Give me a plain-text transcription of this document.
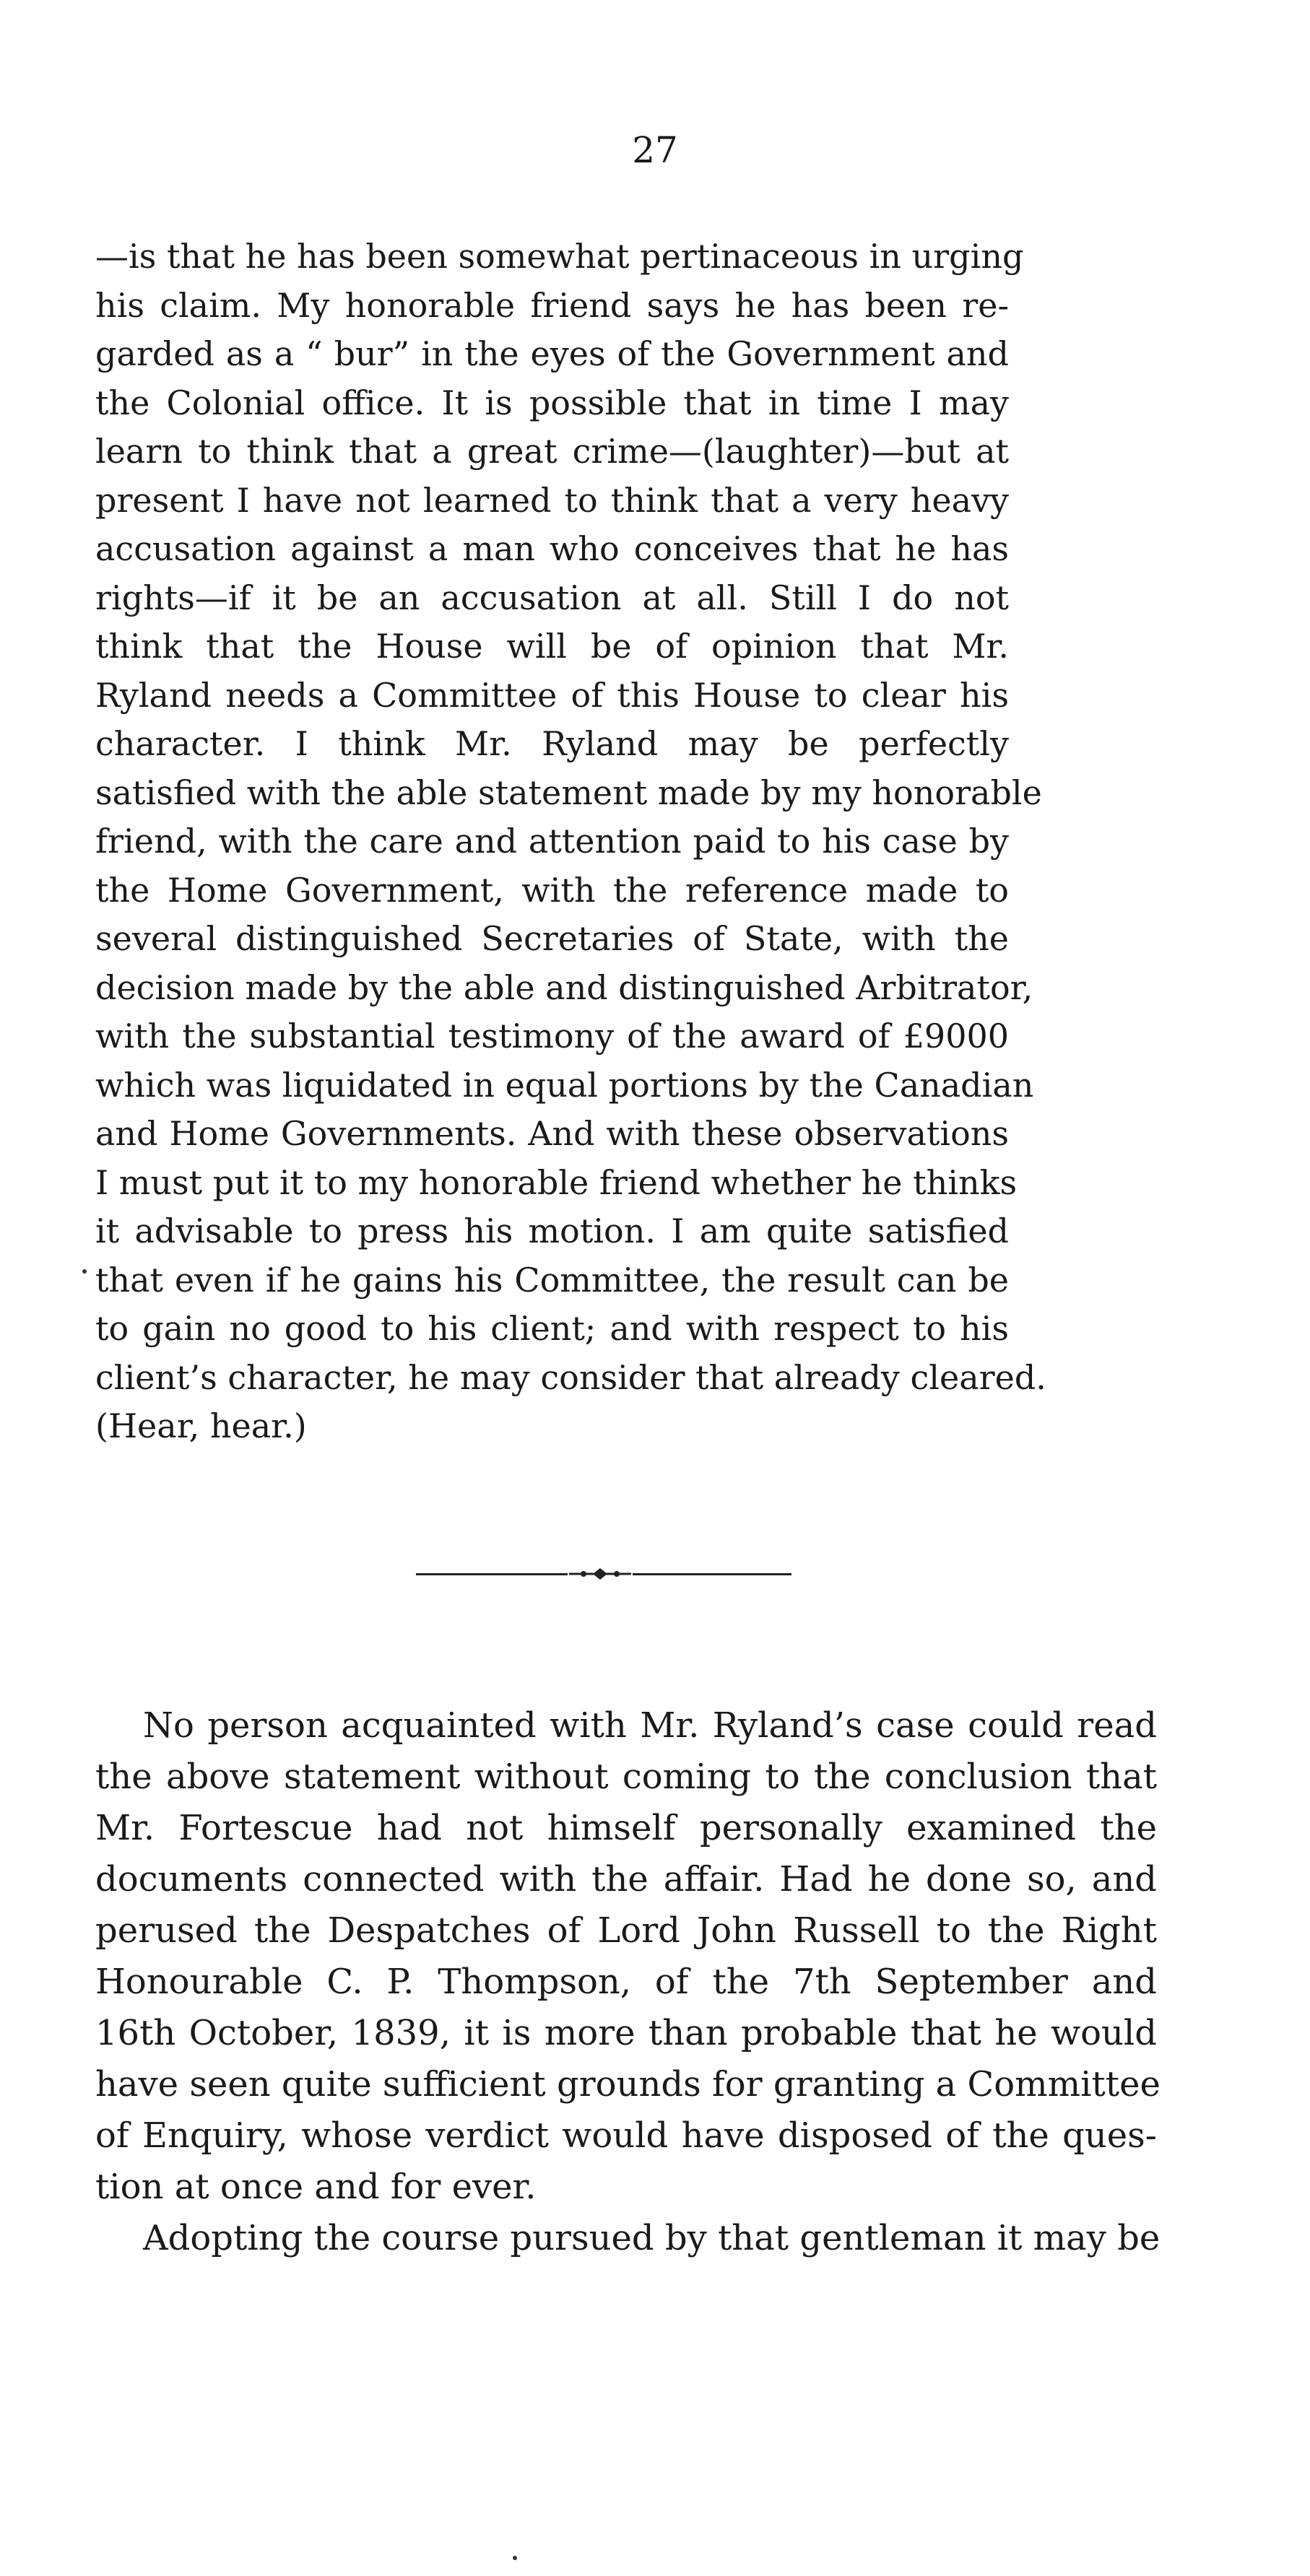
27
—is that he has been somewhat pertinaceous in urging
his claim. My honorable friend says he has been re-
garded as a “ bur” in the eyes of the Government and
the Colonial office. It is possible that in time I may
learn to think that a great crime—(laughter)—but at
present I have not learned to think that a very heavy
accusation against a man who conceives that he has
rights—if it be an accusation at all. Still I do not
think that the House will be of opinion that Mr.
Ryland needs a Committee of this House to clear his
character. I think Mr. Ryland may be perfectly
satisfied with the able statement made by my honorable
friend, with the care and attention paid to his case by
the Home Government, with the reference made to
several distinguished Secretaries of State, with the
decision made by the able and distinguished Arbitrator,
with the substantial testimony of the award of £9000
which was liquidated in equal portions by the Canadian
and Home Governments. And with these observations
I must put it to my honorable friend whether he thinks
it advisable to press his motion. I am quite satisfied
that even if he gains his Committee, the result can be
to gain no good to his client; and with respect to his
client’s character, he may consider that already cleared.
(Hear, hear.)
No person acquainted with Mr. Ryland’s case could read
the above statement without coming to the conclusion that
Mr. Fortescue had not himself personally examined the
documents connected with the affair. Had he done so, and
perused the Despatches of Lord John Russell to the Right
Honourable C. P. Thompson, of the 7th September and
16th October, 1839, it is more than probable that he would
have seen quite sufficient grounds for granting a Committee
of Enquiry, whose verdict would have disposed of the ques-
tion at once and for ever.
Adopting the course pursued by that gentleman it may be
